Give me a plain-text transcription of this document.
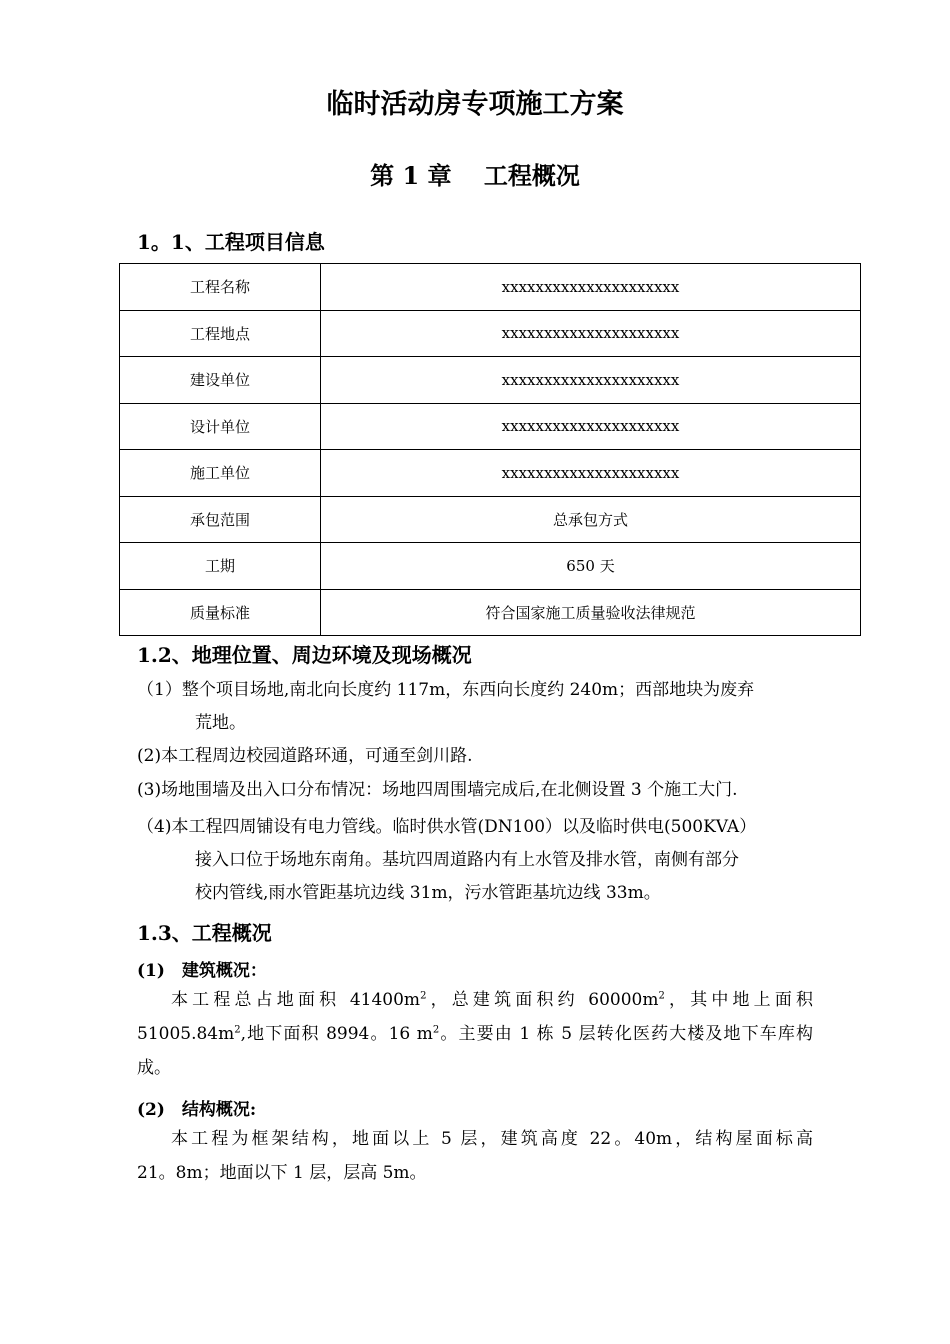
临时活动房专项施工方案
第 1 章　 工程概况
1。1、工程项目信息
工程名称	xxxxxxxxxxxxxxxxxxxxx
工程地点	xxxxxxxxxxxxxxxxxxxxx
建设单位	xxxxxxxxxxxxxxxxxxxxx
设计单位	xxxxxxxxxxxxxxxxxxxxx
施工单位	xxxxxxxxxxxxxxxxxxxxx
承包范围	总承包方式
工期	650 天
质量标准	符合国家施工质量验收法律规范
1.2、地理位置、周边环境及现场概况

（1）整个项目场地,南北向长度约 117m，东西向长度约 240m；西部地块为废弃

荒地。

(2)本工程周边校园道路环通，可通至剑川路.

(3)场地围墙及出入口分布情况：场地四周围墙完成后,在北侧设置 3 个施工大门.

（4)本工程四周铺设有电力管线。临时供水管(DN100）以及临时供电(500KVA）

接入口位于场地东南角。基坑四周道路内有上水管及排水管，南侧有部分

校内管线,雨水管距基坑边线 31m，污水管距基坑边线 33m。

1.3、工程概况

(1)　建筑概况：

本工程总占地面积 $41400m^2$，总建筑面积约 $60000m^2$，其中地上面积

$51005.84m^2$,地下面积 8994。16 $m^2$。主要由 1 栋 5 层转化医药大楼及地下车库构

成。

(2)　结构概况:

本工程为框架结构，地面以上 5 层，建筑高度 22。40m，结构屋面标高

21。8m；地面以下 1 层，层高 5m。
